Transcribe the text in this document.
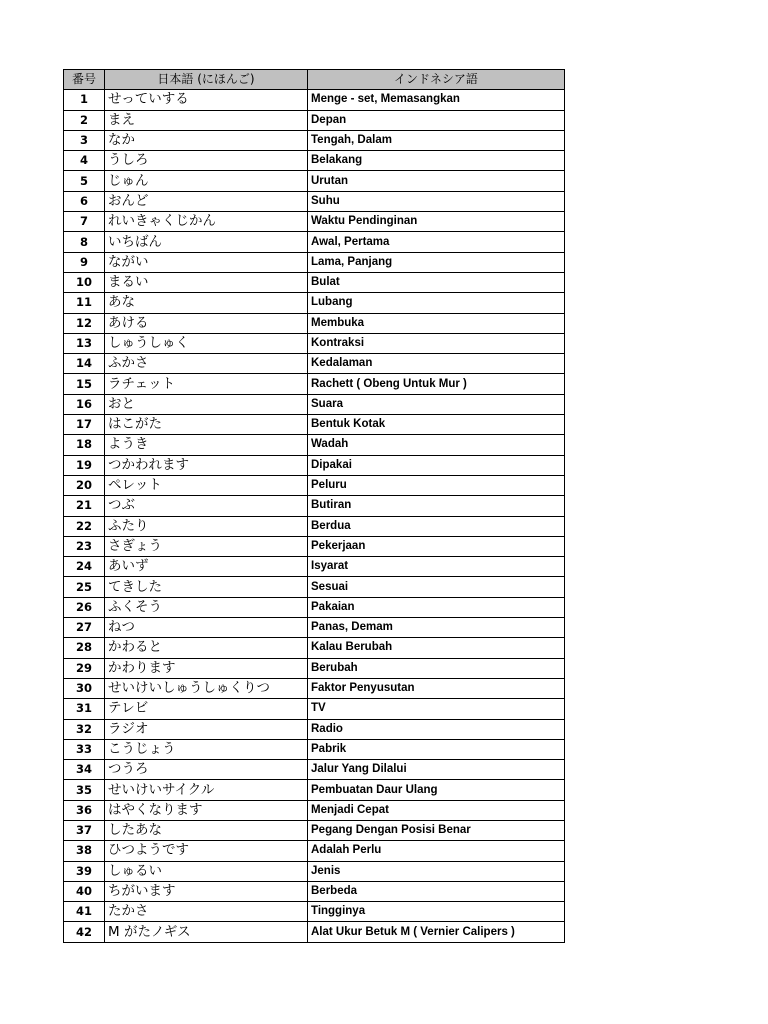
番号	日本語 (にほんご)	インドネシア語
1	せっていする	Menge - set, Memasangkan
2	まえ	Depan
3	なか	Tengah, Dalam
4	うしろ	Belakang
5	じゅん	Urutan
6	おんど	Suhu
7	れいきゃくじかん	Waktu Pendinginan
8	いちばん	Awal, Pertama
9	ながい	Lama, Panjang
10	まるい	Bulat
11	あな	Lubang
12	あける	Membuka
13	しゅうしゅく	Kontraksi
14	ふかさ	Kedalaman
15	ラチェット	Rachett ( Obeng Untuk Mur )
16	おと	Suara
17	はこがた	Bentuk Kotak
18	ようき	Wadah
19	つかわれます	Dipakai
20	ペレット	Peluru
21	つぶ	Butiran
22	ふたり	Berdua
23	さぎょう	Pekerjaan
24	あいず	Isyarat
25	てきした	Sesuai
26	ふくそう	Pakaian
27	ねつ	Panas, Demam
28	かわると	Kalau Berubah
29	かわります	Berubah
30	せいけいしゅうしゅくりつ	Faktor Penyusutan
31	テレビ	TV
32	ラジオ	Radio
33	こうじょう	Pabrik
34	つうろ	Jalur Yang Dilalui
35	せいけいサイクル	Pembuatan Daur Ulang
36	はやくなります	Menjadi Cepat
37	したあな	Pegang Dengan Posisi Benar
38	ひつようです	Adalah Perlu
39	しゅるい	Jenis
40	ちがいます	Berbeda
41	たかさ	Tingginya
42	M がたノギス	Alat Ukur Betuk M ( Vernier Calipers )
